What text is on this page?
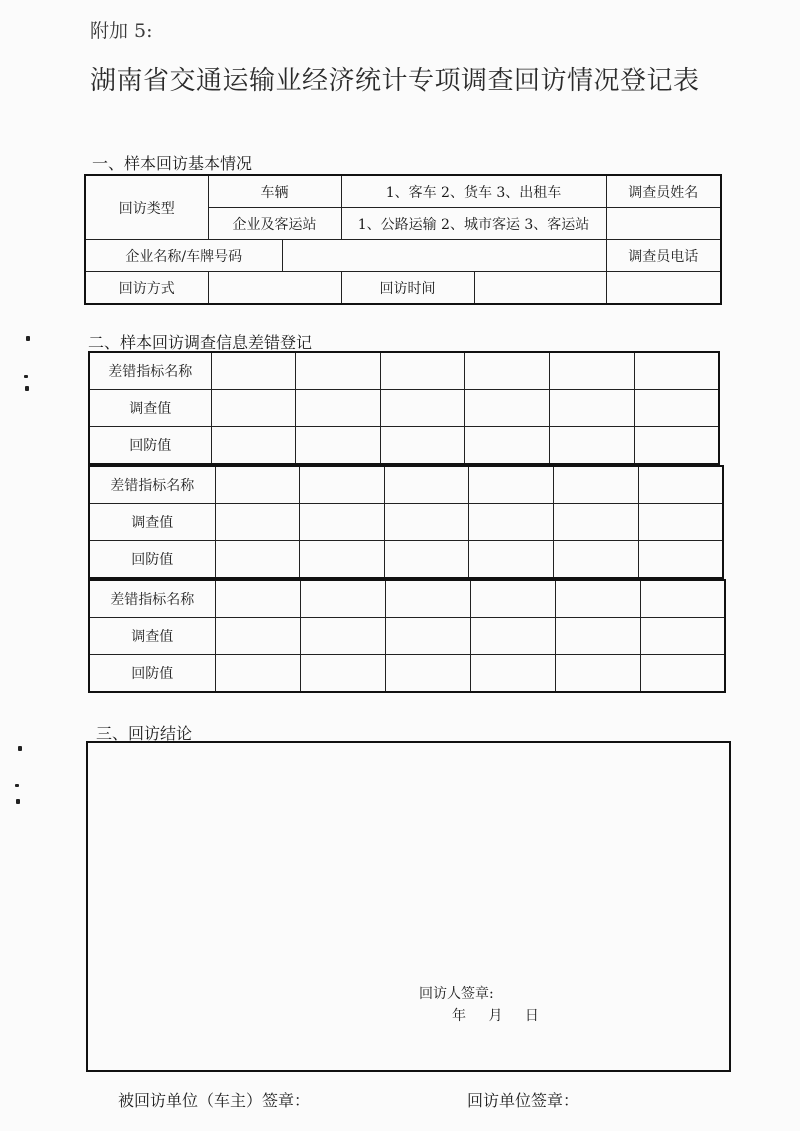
附加 5:
湖南省交通运输业经济统计专项调查回访情况登记表
一、样本回访基本情况
回访类型	车辆		1、客车 2、货车 3、出租车		调查员姓名
	企业及客运站		1、公路运输 2、城市客运 3、客运站		
企业名称/车牌号码					调查员电话
回访方式			回访时间		
二、样本回访调查信息差错登记
差错指标名称						
调查值						
回防值						
差错指标名称						
调查值						
回防值						
差错指标名称						
调查值						
回防值						
三、回访结论
回访人签章:
年 月 日
被回访单位（车主）签章：	回访单位签章：
